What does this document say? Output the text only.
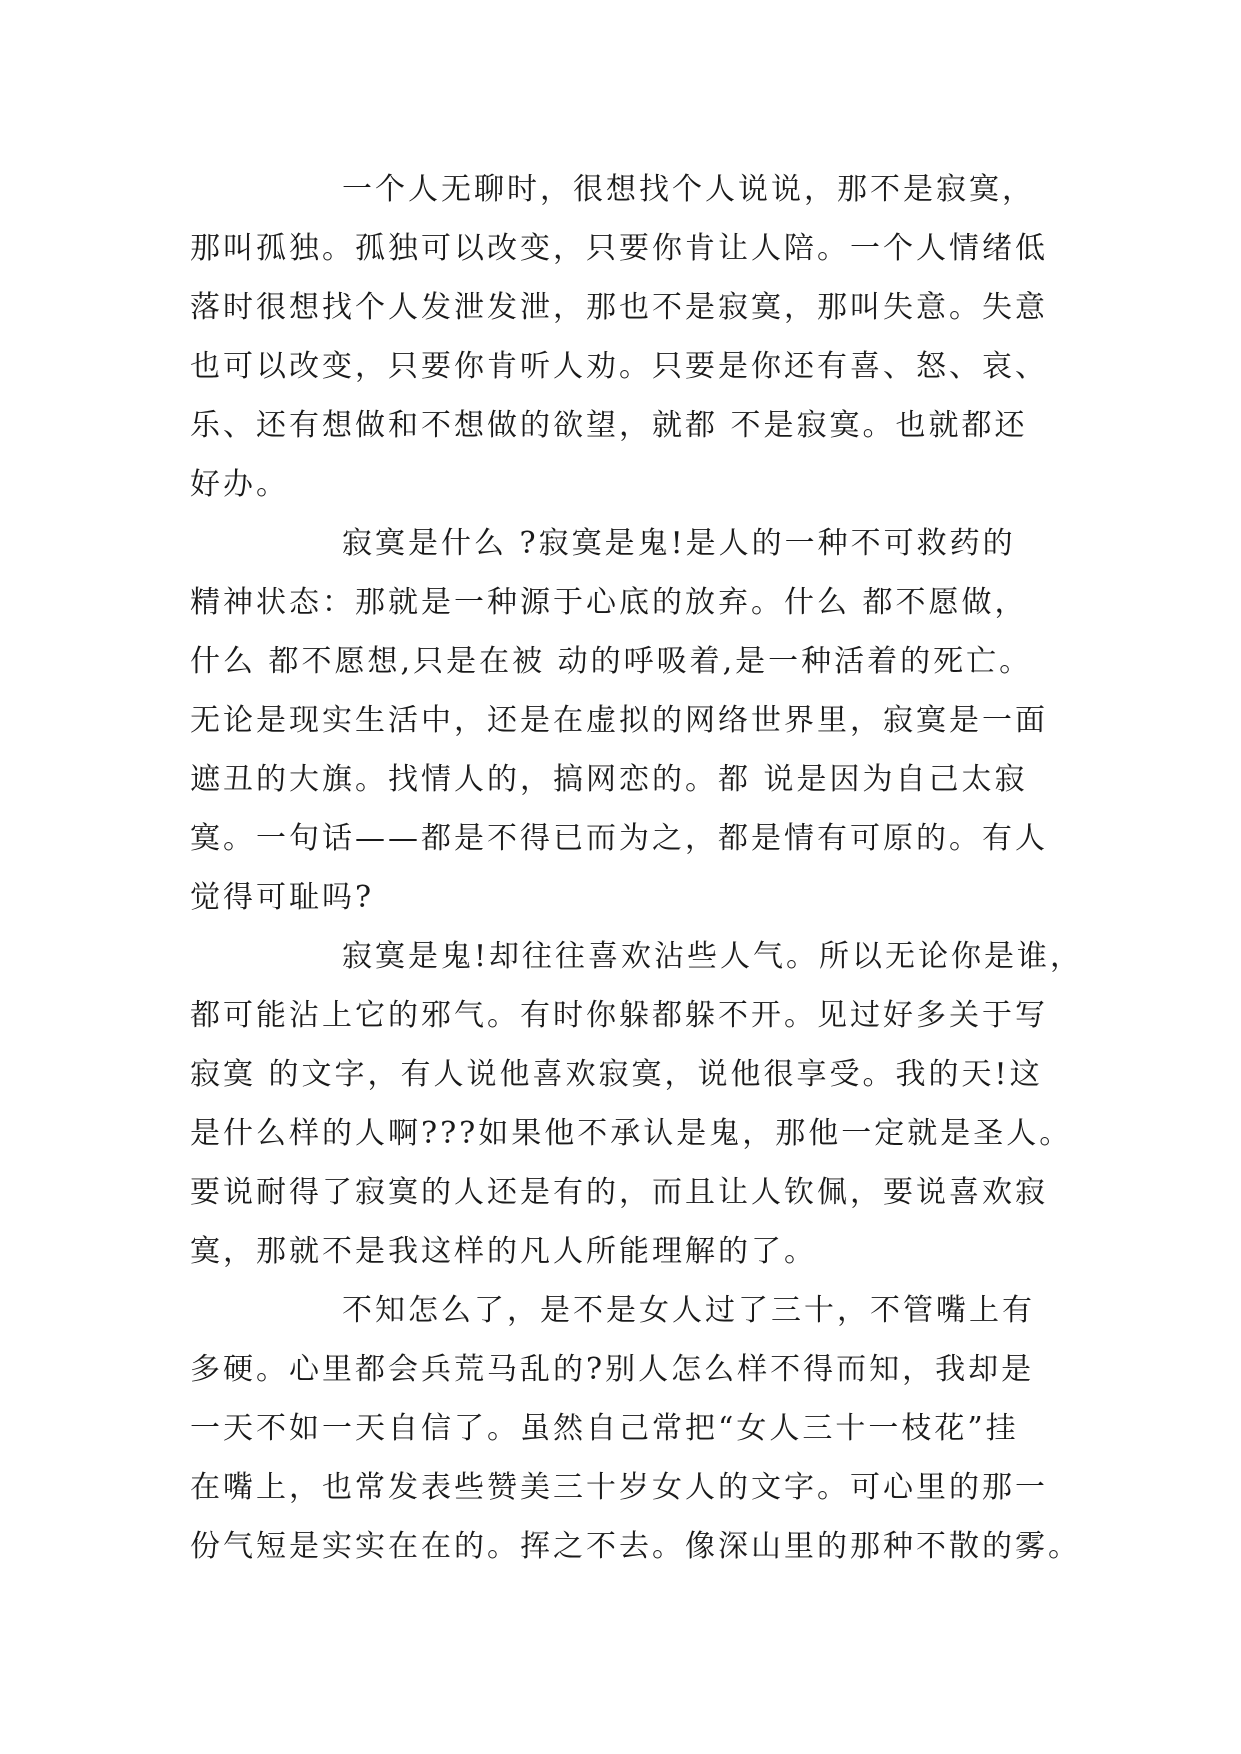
一个人无聊时，很想找个人说说，那不是寂寞，
那叫孤独。孤独可以改变，只要你肯让人陪。一个人情绪低
落时很想找个人发泄发泄，那也不是寂寞，那叫失意。失意
也可以改变，只要你肯听人劝。只要是你还有喜、怒、哀、
乐、还有想做和不想做的欲望，就都 不是寂寞。也就都还
好办。
寂寞是什么 ?寂寞是鬼!是人的一种不可救药的
精神状态：那就是一种源于心底的放弃。什么 都不愿做，
什么 都不愿想,只是在被 动的呼吸着,是一种活着的死亡。
无论是现实生活中，还是在虚拟的网络世界里，寂寞是一面
遮丑的大旗。找情人的，搞网恋的。都 说是因为自己太寂
寞。一句话——都是不得已而为之，都是情有可原的。有人
觉得可耻吗?
寂寞是鬼!却往往喜欢沾些人气。所以无论你是谁，
都可能沾上它的邪气。有时你躲都躲不开。见过好多关于写
寂寞 的文字，有人说他喜欢寂寞，说他很享受。我的天!这
是什么样的人啊???如果他不承认是鬼，那他一定就是圣人。
要说耐得了寂寞的人还是有的，而且让人钦佩，要说喜欢寂
寞，那就不是我这样的凡人所能理解的了。
不知怎么了，是不是女人过了三十，不管嘴上有
多硬。心里都会兵荒马乱的?别人怎么样不得而知，我却是
一天不如一天自信了。虽然自己常把“女人三十一枝花”挂
在嘴上，也常发表些赞美三十岁女人的文字。可心里的那一
份气短是实实在在的。挥之不去。像深山里的那种不散的雾。
